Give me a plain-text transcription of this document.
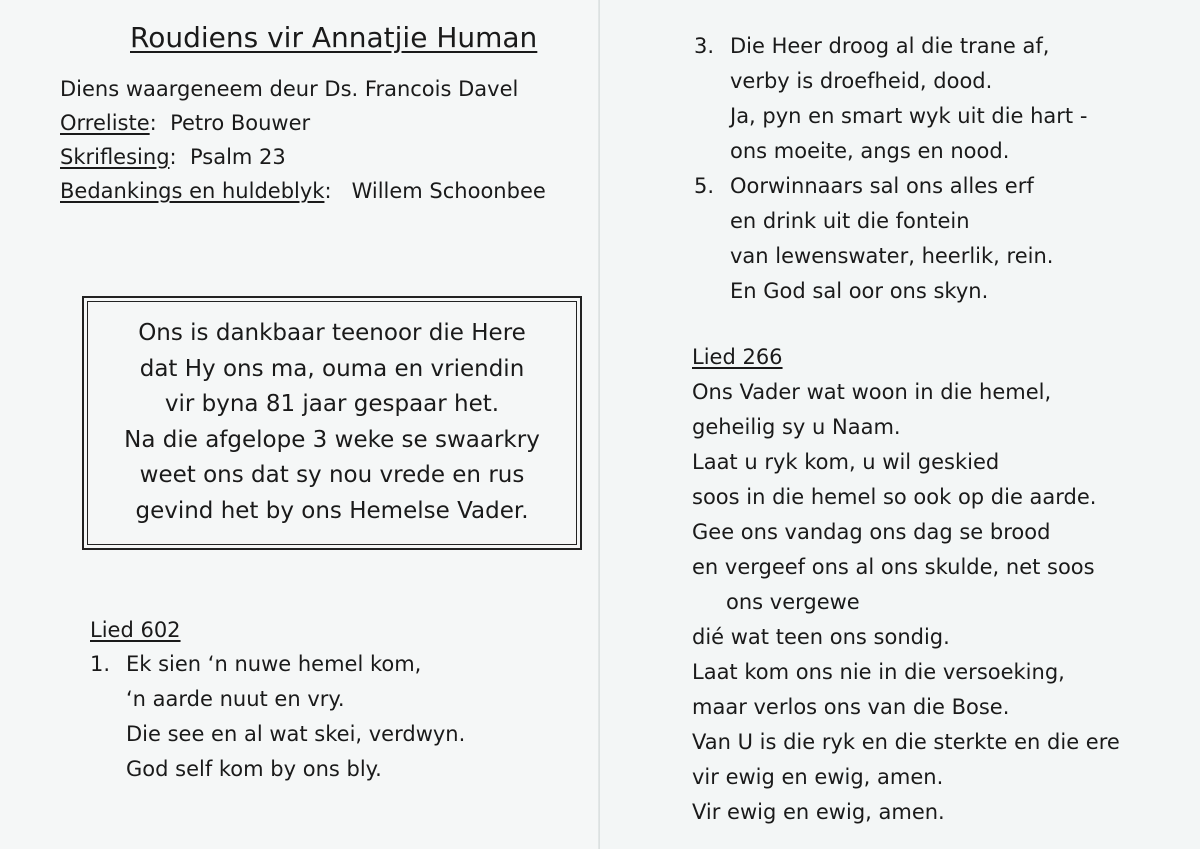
Roudiens vir Annatjie Human
Diens waargeneem deur Ds. Francois Davel
Orreliste:  Petro Bouwer
Skriflesing:  Psalm 23
Bedankings en huldeblyk:   Willem Schoonbee
Ons is dankbaar teenoor die Here
dat Hy ons ma, ouma en vriendin
vir byna 81 jaar gespaar het.
Na die afgelope 3 weke se swaarkry
weet ons dat sy nou vrede en rus
gevind het by ons Hemelse Vader.
Lied 602
1. Ek sien ‘n nuwe hemel kom,
‘n aarde nuut en vry.
Die see en al wat skei, verdwyn.
God self kom by ons bly.
3. Die Heer droog al die trane af,
verby is droefheid, dood.
Ja, pyn en smart wyk uit die hart -
ons moeite, angs en nood.
5. Oorwinnaars sal ons alles erf
en drink uit die fontein
van lewenswater, heerlik, rein.
En God sal oor ons skyn.
Lied 266
Ons Vader wat woon in die hemel,
geheilig sy u Naam.
Laat u ryk kom, u wil geskied
soos in die hemel so ook op die aarde.
Gee ons vandag ons dag se brood
en vergeef ons al ons skulde, net soos
ons vergewe
dié wat teen ons sondig.
Laat kom ons nie in die versoeking,
maar verlos ons van die Bose.
Van U is die ryk en die sterkte en die ere
vir ewig en ewig, amen.
Vir ewig en ewig, amen.
